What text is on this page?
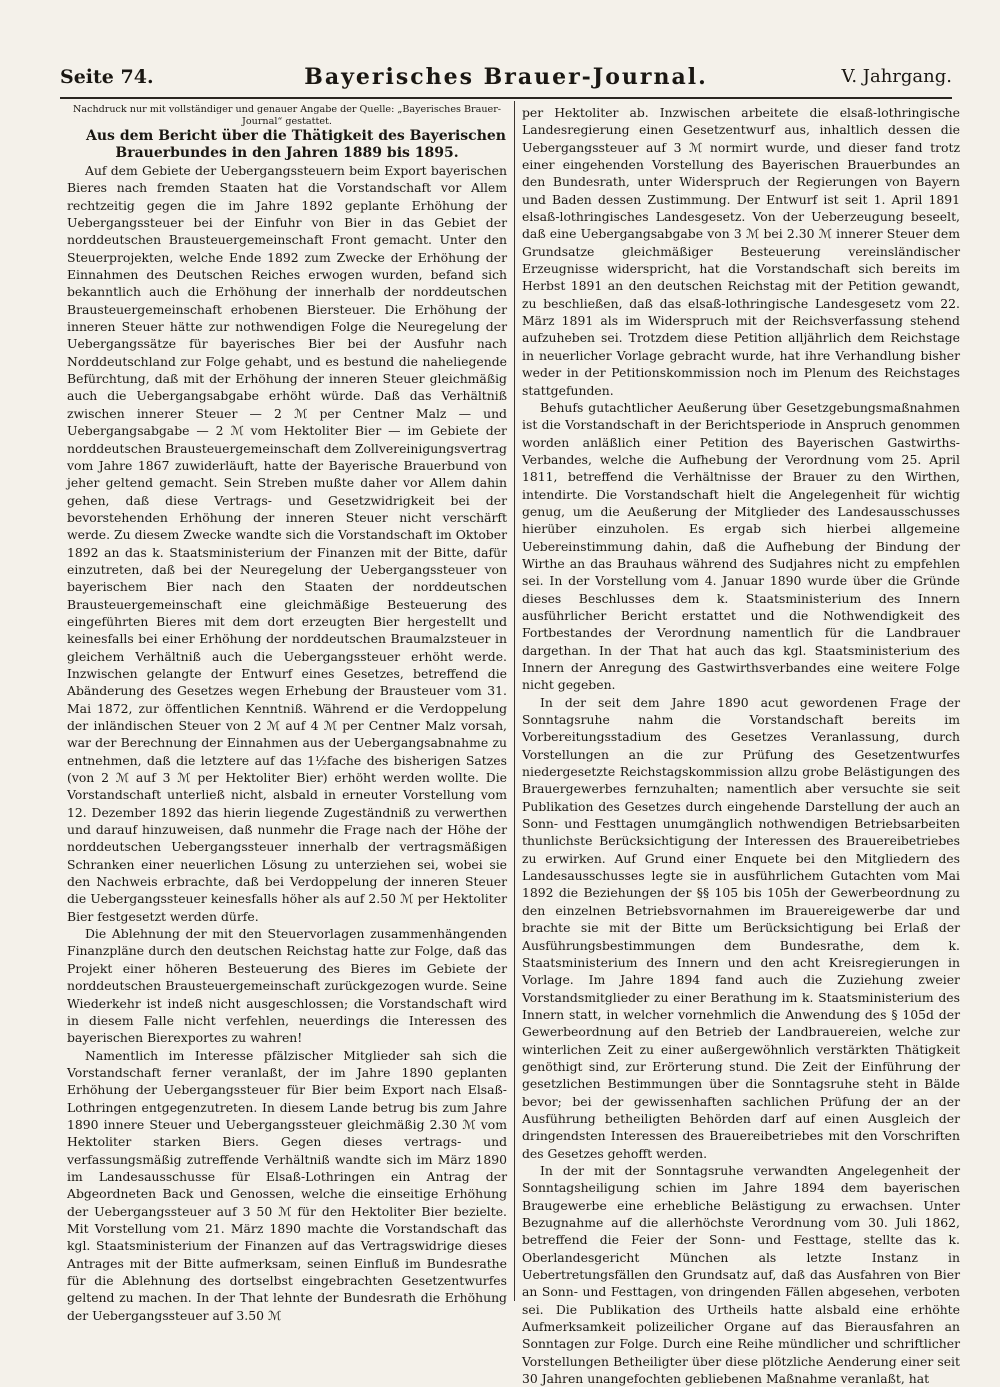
Seite 74.	Bayerisches Brauer-Journal.	V. Jahrgang.

Nachdruck nur mit vollständiger und genauer Angabe der Quelle: „Bayerisches Brauer-Journal“ gestattet.

Aus dem Bericht über die Thätigkeit des Bayerischen Brauerbundes in den Jahren 1889 bis 1895.

Auf dem Gebiete der Uebergangssteuern beim Export bayerischen Bieres nach fremden Staaten hat die Vorstandschaft vor Allem rechtzeitig gegen die im Jahre 1892 geplante Erhöhung der Uebergangssteuer bei der Einfuhr von Bier in das Gebiet der norddeutschen Brausteuergemeinschaft Front gemacht. Unter den Steuerprojekten, welche Ende 1892 zum Zwecke der Erhöhung der Einnahmen des Deutschen Reiches erwogen wurden, befand sich bekanntlich auch die Erhöhung der innerhalb der norddeutschen Brausteuergemeinschaft erhobenen Biersteuer. Die Erhöhung der inneren Steuer hätte zur nothwendigen Folge die Neuregelung der Uebergangssätze für bayerisches Bier bei der Ausfuhr nach Norddeutschland zur Folge gehabt, und es bestund die naheliegende Befürchtung, daß mit der Erhöhung der inneren Steuer gleichmäßig auch die Uebergangsabgabe erhöht würde. Daß das Verhältniß zwischen innerer Steuer — 2 ℳ per Centner Malz — und Uebergangsabgabe — 2 ℳ vom Hektoliter Bier — im Gebiete der norddeutschen Brausteuergemeinschaft dem Zollvereinigungsvertrag vom Jahre 1867 zuwiderläuft, hatte der Bayerische Brauerbund von jeher geltend gemacht. Sein Streben mußte daher vor Allem dahin gehen, daß diese Vertrags- und Gesetzwidrigkeit bei der bevorstehenden Erhöhung der inneren Steuer nicht verschärft werde. Zu diesem Zwecke wandte sich die Vorstandschaft im Oktober 1892 an das k. Staatsministerium der Finanzen mit der Bitte, dafür einzutreten, daß bei der Neuregelung der Uebergangssteuer von bayerischem Bier nach den Staaten der norddeutschen Brausteuergemeinschaft eine gleichmäßige Besteuerung des eingeführten Bieres mit dem dort erzeugten Bier hergestellt und keinesfalls bei einer Erhöhung der norddeutschen Braumalzsteuer in gleichem Verhältniß auch die Uebergangssteuer erhöht werde. Inzwischen gelangte der Entwurf eines Gesetzes, betreffend die Abänderung des Gesetzes wegen Erhebung der Brausteuer vom 31. Mai 1872, zur öffentlichen Kenntniß. Während er die Verdoppelung der inländischen Steuer von 2 ℳ auf 4 ℳ per Centner Malz vorsah, war der Berechnung der Einnahmen aus der Uebergangsabnahme zu entnehmen, daß die letztere auf das 1½fache des bisherigen Satzes (von 2 ℳ auf 3 ℳ per Hektoliter Bier) erhöht werden wollte. Die Vorstandschaft unterließ nicht, alsbald in erneuter Vorstellung vom 12. Dezember 1892 das hierin liegende Zugeständniß zu verwerthen und darauf hinzuweisen, daß nunmehr die Frage nach der Höhe der norddeutschen Uebergangssteuer innerhalb der vertragsmäßigen Schranken einer neuerlichen Lösung zu unterziehen sei, wobei sie den Nachweis erbrachte, daß bei Verdoppelung der inneren Steuer die Uebergangssteuer keinesfalls höher als auf 2.50 ℳ per Hektoliter Bier festgesetzt werden dürfe.

Die Ablehnung der mit den Steuervorlagen zusammenhängenden Finanzpläne durch den deutschen Reichstag hatte zur Folge, daß das Projekt einer höheren Besteuerung des Bieres im Gebiete der norddeutschen Brausteuergemeinschaft zurückgezogen wurde. Seine Wiederkehr ist indeß nicht ausgeschlossen; die Vorstandschaft wird in diesem Falle nicht verfehlen, neuerdings die Interessen des bayerischen Bierexportes zu wahren!

Namentlich im Interesse pfälzischer Mitglieder sah sich die Vorstandschaft ferner veranlaßt, der im Jahre 1890 geplanten Erhöhung der Uebergangssteuer für Bier beim Export nach Elsaß-Lothringen entgegenzutreten. In diesem Lande betrug bis zum Jahre 1890 innere Steuer und Uebergangssteuer gleichmäßig 2.30 ℳ vom Hektoliter starken Biers. Gegen dieses vertrags- und verfassungsmäßig zutreffende Verhältniß wandte sich im März 1890 im Landesausschusse für Elsaß-Lothringen ein Antrag der Abgeordneten Back und Genossen, welche die einseitige Erhöhung der Uebergangssteuer auf 3 50 ℳ für den Hektoliter Bier bezielte. Mit Vorstellung vom 21. März 1890 machte die Vorstandschaft das kgl. Staatsministerium der Finanzen auf das Vertragswidrige dieses Antrages mit der Bitte aufmerksam, seinen Einfluß im Bundesrathe für die Ablehnung des dortselbst eingebrachten Gesetzentwurfes geltend zu machen. In der That lehnte der Bundesrath die Erhöhung der Uebergangssteuer auf 3.50 ℳ

per Hektoliter ab. Inzwischen arbeitete die elsaß-lothringische Landesregierung einen Gesetzentwurf aus, inhaltlich dessen die Uebergangssteuer auf 3 ℳ normirt wurde, und dieser fand trotz einer eingehenden Vorstellung des Bayerischen Brauerbundes an den Bundesrath, unter Widerspruch der Regierungen von Bayern und Baden dessen Zustimmung. Der Entwurf ist seit 1. April 1891 elsaß-lothringisches Landesgesetz. Von der Ueberzeugung beseelt, daß eine Uebergangsabgabe von 3 ℳ bei 2.30 ℳ innerer Steuer dem Grundsatze gleichmäßiger Besteuerung vereinsländischer Erzeugnisse widerspricht, hat die Vorstandschaft sich bereits im Herbst 1891 an den deutschen Reichstag mit der Petition gewandt, zu beschließen, daß das elsaß-lothringische Landesgesetz vom 22. März 1891 als im Widerspruch mit der Reichsverfassung stehend aufzuheben sei. Trotzdem diese Petition alljährlich dem Reichstage in neuerlicher Vorlage gebracht wurde, hat ihre Verhandlung bisher weder in der Petitionskommission noch im Plenum des Reichstages stattgefunden.

Behufs gutachtlicher Aeußerung über Gesetzgebungsmaßnahmen ist die Vorstandschaft in der Berichtsperiode in Anspruch genommen worden anläßlich einer Petition des Bayerischen Gastwirths-Verbandes, welche die Aufhebung der Verordnung vom 25. April 1811, betreffend die Verhältnisse der Brauer zu den Wirthen, intendirte. Die Vorstandschaft hielt die Angelegenheit für wichtig genug, um die Aeußerung der Mitglieder des Landesausschusses hierüber einzuholen. Es ergab sich hierbei allgemeine Uebereinstimmung dahin, daß die Aufhebung der Bindung der Wirthe an das Brauhaus während des Sudjahres nicht zu empfehlen sei. In der Vorstellung vom 4. Januar 1890 wurde über die Gründe dieses Beschlusses dem k. Staatsministerium des Innern ausführlicher Bericht erstattet und die Nothwendigkeit des Fortbestandes der Verordnung namentlich für die Landbrauer dargethan. In der That hat auch das kgl. Staatsministerium des Innern der Anregung des Gastwirthsverbandes eine weitere Folge nicht gegeben.

In der seit dem Jahre 1890 acut gewordenen Frage der Sonntagsruhe nahm die Vorstandschaft bereits im Vorbereitungsstadium des Gesetzes Veranlassung, durch Vorstellungen an die zur Prüfung des Gesetzentwurfes niedergesetzte Reichstagskommission allzu grobe Belästigungen des Brauergewerbes fernzuhalten; namentlich aber versuchte sie seit Publikation des Gesetzes durch eingehende Darstellung der auch an Sonn- und Festtagen unumgänglich nothwendigen Betriebsarbeiten thunlichste Berücksichtigung der Interessen des Brauereibetriebes zu erwirken. Auf Grund einer Enquete bei den Mitgliedern des Landesausschusses legte sie in ausführlichem Gutachten vom Mai 1892 die Beziehungen der §§ 105 bis 105h der Gewerbeordnung zu den einzelnen Betriebsvornahmen im Brauereigewerbe dar und brachte sie mit der Bitte um Berücksichtigung bei Erlaß der Ausführungsbestimmungen dem Bundesrathe, dem k. Staatsministerium des Innern und den acht Kreisregierungen in Vorlage. Im Jahre 1894 fand auch die Zuziehung zweier Vorstandsmitglieder zu einer Berathung im k. Staatsministerium des Innern statt, in welcher vornehmlich die Anwendung des § 105d der Gewerbeordnung auf den Betrieb der Landbrauereien, welche zur winterlichen Zeit zu einer außergewöhnlich verstärkten Thätigkeit genöthigt sind, zur Erörterung stund. Die Zeit der Einführung der gesetzlichen Bestimmungen über die Sonntagsruhe steht in Bälde bevor; bei der gewissenhaften sachlichen Prüfung der an der Ausführung betheiligten Behörden darf auf einen Ausgleich der dringendsten Interessen des Brauereibetriebes mit den Vorschriften des Gesetzes gehofft werden.

In der mit der Sonntagsruhe verwandten Angelegenheit der Sonntagsheiligung schien im Jahre 1894 dem bayerischen Braugewerbe eine erhebliche Belästigung zu erwachsen. Unter Bezugnahme auf die allerhöchste Verordnung vom 30. Juli 1862, betreffend die Feier der Sonn- und Festtage, stellte das k. Oberlandesgericht München als letzte Instanz in Uebertretungsfällen den Grundsatz auf, daß das Ausfahren von Bier an Sonn- und Festtagen, von dringenden Fällen abgesehen, verboten sei. Die Publikation des Urtheils hatte alsbald eine erhöhte Aufmerksamkeit polizeilicher Organe auf das Bierausfahren an Sonntagen zur Folge. Durch eine Reihe mündlicher und schriftlicher Vorstellungen Betheiligter über diese plötzliche Aenderung einer seit 30 Jahren unangefochten gebliebenen Maßnahme veranlaßt, hat
